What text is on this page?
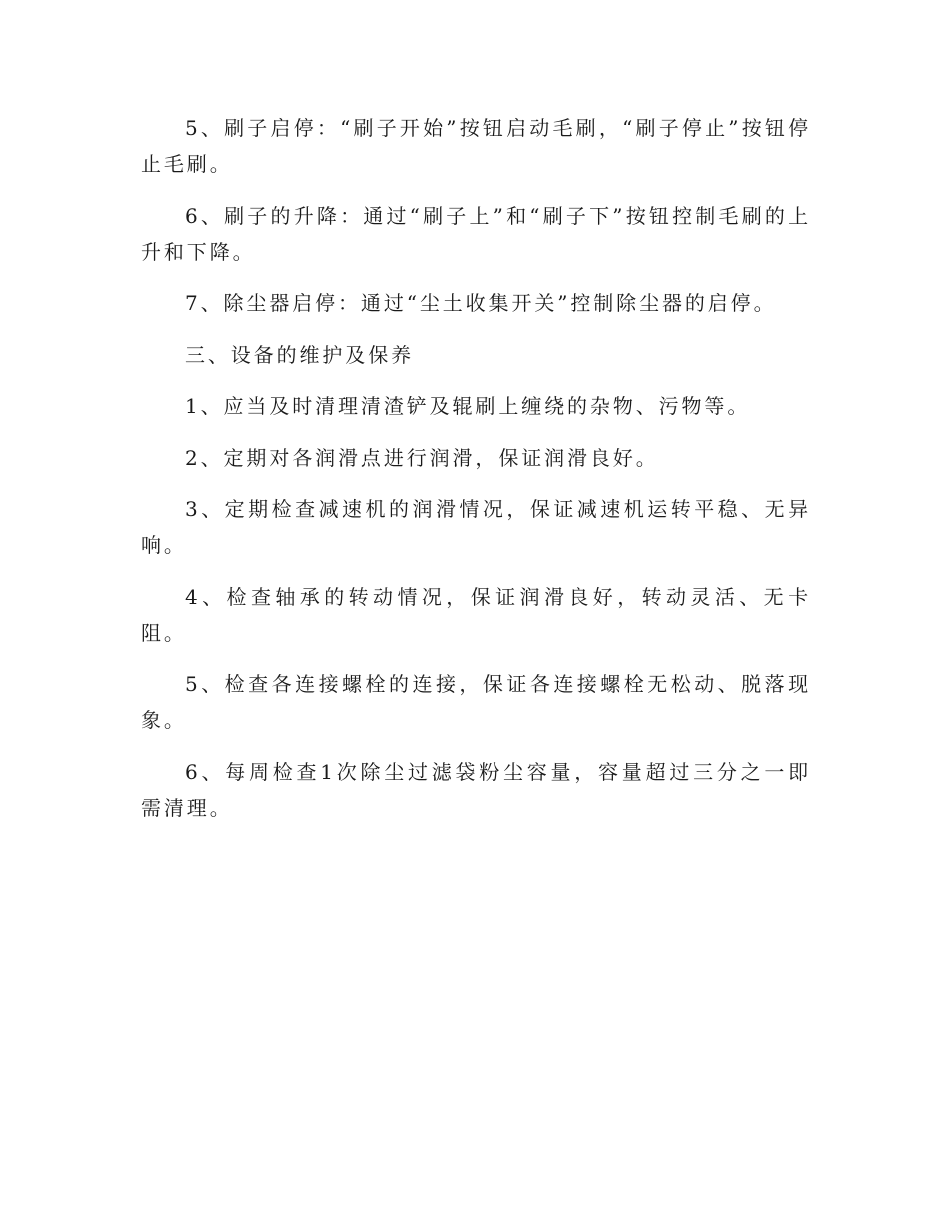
5、刷子启停：“刷子开始”按钮启动毛刷，“刷子停止”按钮停止毛刷。

6、刷子的升降：通过“刷子上”和“刷子下”按钮控制毛刷的上升和下降。

7、除尘器启停：通过“尘土收集开关”控制除尘器的启停。

三、设备的维护及保养

1、应当及时清理清渣铲及辊刷上缠绕的杂物、污物等。

2、定期对各润滑点进行润滑，保证润滑良好。

3、定期检查减速机的润滑情况，保证减速机运转平稳、无异响。

4、检查轴承的转动情况，保证润滑良好，转动灵活、无卡阻。

5、检查各连接螺栓的连接，保证各连接螺栓无松动、脱落现象。

6、每周检查1次除尘过滤袋粉尘容量，容量超过三分之一即需清理。
